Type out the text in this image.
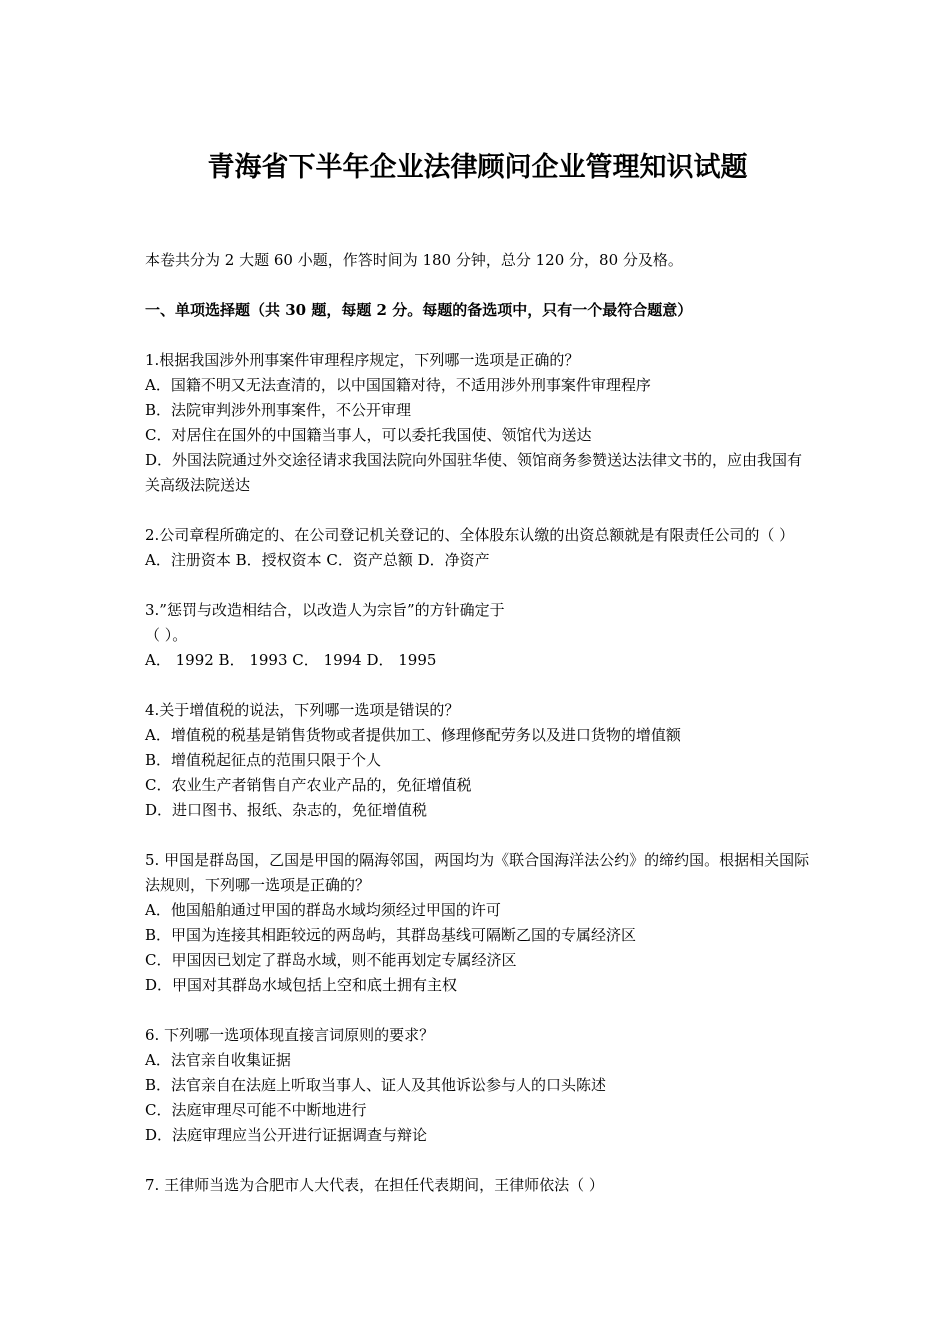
青海省下半年企业法律顾问企业管理知识试题

本卷共分为 2 大题 60 小题，作答时间为 180 分钟，总分 120 分，80 分及格。

一、单项选择题（共 30 题，每题 2 分。每题的备选项中，只有一个最符合题意）

1.根据我国涉外刑事案件审理程序规定，下列哪一选项是正确的？
A．国籍不明又无法查清的，以中国国籍对待，不适用涉外刑事案件审理程序
B．法院审判涉外刑事案件，不公开审理
C．对居住在国外的中国籍当事人，可以委托我国使、领馆代为送达
D．外国法院通过外交途径请求我国法院向外国驻华使、领馆商务参赞送达法律文书的，应由我国有关高级法院送达
2.公司章程所确定的、在公司登记机关登记的、全体股东认缴的出资总额就是有限责任公司的（ ）
A．注册资本 B．授权资本 C．资产总额 D．净资产
3.”惩罚与改造相结合，以改造人为宗旨”的方针确定于
（ ）。
A． 1992 B． 1993 C． 1994 D． 1995
4.关于增值税的说法，下列哪一选项是错误的？
A．增值税的税基是销售货物或者提供加工、修理修配劳务以及进口货物的增值额
B．增值税起征点的范围只限于个人
C．农业生产者销售自产农业产品的，免征增值税
D．进口图书、报纸、杂志的，免征增值税
5. 甲国是群岛国，乙国是甲国的隔海邻国，两国均为《联合国海洋法公约》的缔约国。根据相关国际法规则，下列哪一选项是正确的？
A．他国船舶通过甲国的群岛水域均须经过甲国的许可
B．甲国为连接其相距较远的两岛屿，其群岛基线可隔断乙国的专属经济区
C．甲国因已划定了群岛水域，则不能再划定专属经济区
D．甲国对其群岛水域包括上空和底土拥有主权
6. 下列哪一选项体现直接言词原则的要求？
A．法官亲自收集证据
B．法官亲自在法庭上听取当事人、证人及其他诉讼参与人的口头陈述
C．法庭审理尽可能不中断地进行
D．法庭审理应当公开进行证据调查与辩论
7. 王律师当选为合肥市人大代表，在担任代表期间，王律师依法（ ）
